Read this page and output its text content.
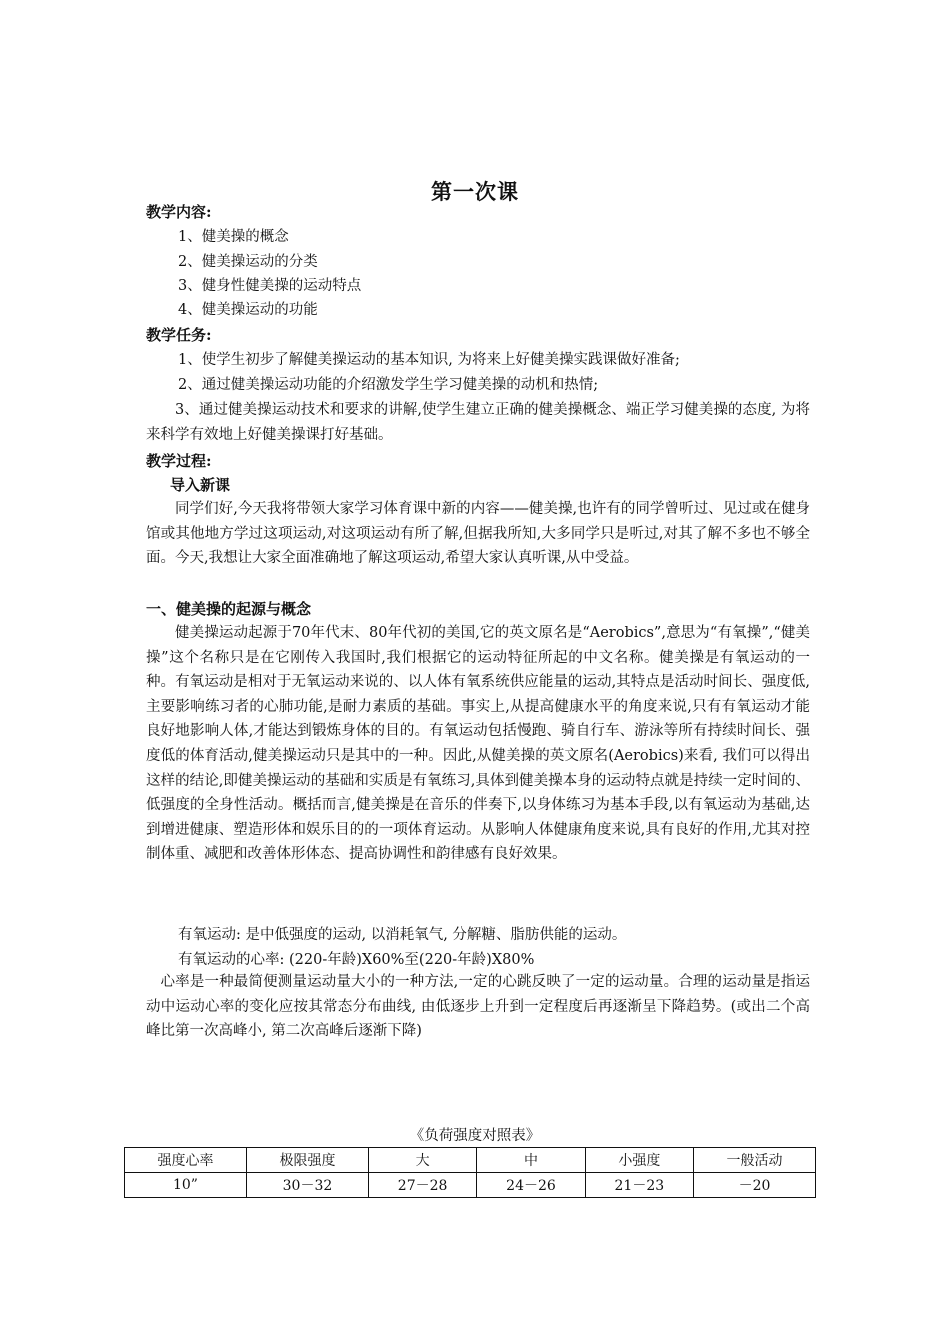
第一次课
教学内容:
1、健美操的概念
2、健美操运动的分类
3、健身性健美操的运动特点
4、健美操运动的功能
教学任务:
1、使学生初步了解健美操运动的基本知识, 为将来上好健美操实践课做好准备;
2、通过健美操运动功能的介绍激发学生学习健美操的动机和热情;

3、通过健美操运动技术和要求的讲解,使学生建立正确的健美操概念、端正学习健美操的态度, 为将来科学有效地上好健美操课打好基础。

教学过程:
导入新课

同学们好,今天我将带领大家学习体育课中新的内容——健美操,也许有的同学曾听过、见过或在健身馆或其他地方学过这项运动,对这项运动有所了解,但据我所知,大多同学只是听过,对其了解不多也不够全面。今天,我想让大家全面准确地了解这项运动,希望大家认真听课,从中受益。

一、健美操的起源与概念

健美操运动起源于70年代末、80年代初的美国,它的英文原名是“Aerobics”,意思为“有氧操”,“健美操”这个名称只是在它刚传入我国时,我们根据它的运动特征所起的中文名称。健美操是有氧运动的一种。有氧运动是相对于无氧运动来说的、以人体有氧系统供应能量的运动,其特点是活动时间长、强度低,主要影响练习者的心肺功能,是耐力素质的基础。事实上,从提高健康水平的角度来说,只有有氧运动才能良好地影响人体,才能达到锻炼身体的目的。有氧运动包括慢跑、骑自行车、游泳等所有持续时间长、强度低的体育活动,健美操运动只是其中的一种。因此,从健美操的英文原名(Aerobics)来看, 我们可以得出这样的结论,即健美操运动的基础和实质是有氧练习,具体到健美操本身的运动特点就是持续一定时间的、低强度的全身性活动。概括而言,健美操是在音乐的伴奏下,以身体练习为基本手段,以有氧运动为基础,达到增进健康、塑造形体和娱乐目的的一项体育运动。从影响人体健康角度来说,具有良好的作用,尤其对控制体重、减肥和改善体形体态、提高协调性和韵律感有良好效果。

有氧运动: 是中低强度的运动, 以消耗氧气, 分解糖、脂肪供能的运动。
有氧运动的心率: (220-年龄)X60%至(220-年龄)X80%

心率是一种最简便测量运动量大小的一种方法,一定的心跳反映了一定的运动量。合理的运动量是指运动中运动心率的变化应按其常态分布曲线, 由低逐步上升到一定程度后再逐渐呈下降趋势。(或出二个高峰比第一次高峰小, 第二次高峰后逐渐下降)

《负荷强度对照表》
强度心率	极限强度	大	中	小强度	一般活动
10”	30－32	27－28	24－26	21－23	－20
